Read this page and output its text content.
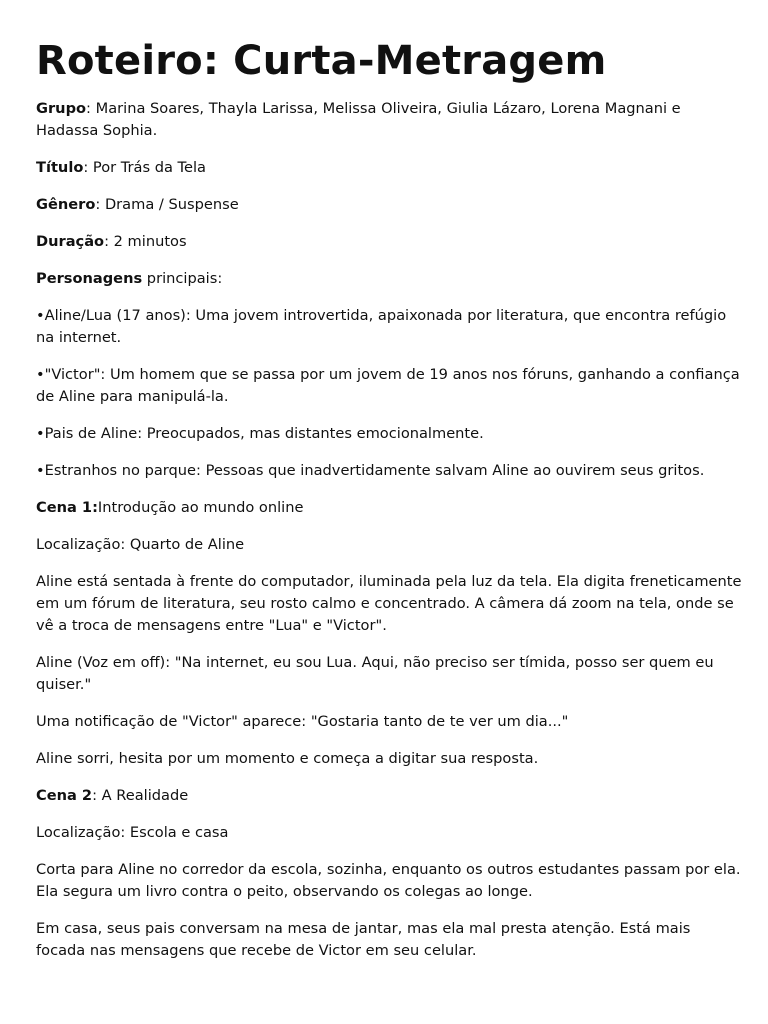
Roteiro: Curta-Metragem

Grupo: Marina Soares, Thayla Larissa, Melissa Oliveira, Giulia Lázaro, Lorena Magnani e Hadassa Sophia.

Título: Por Trás da Tela

Gênero: Drama / Suspense

Duração: 2 minutos

Personagens principais:

•Aline/Lua (17 anos): Uma jovem introvertida, apaixonada por literatura, que encontra refúgio na internet.

•"Victor": Um homem que se passa por um jovem de 19 anos nos fóruns, ganhando a confiança de Aline para manipulá-la.

•Pais de Aline: Preocupados, mas distantes emocionalmente.

•Estranhos no parque: Pessoas que inadvertidamente salvam Aline ao ouvirem seus gritos.

Cena 1:Introdução ao mundo online

Localização: Quarto de Aline

Aline está sentada à frente do computador, iluminada pela luz da tela. Ela digita freneticamente em um fórum de literatura, seu rosto calmo e concentrado. A câmera dá zoom na tela, onde se vê a troca de mensagens entre "Lua" e "Victor".

Aline (Voz em off): "Na internet, eu sou Lua. Aqui, não preciso ser tímida, posso ser quem eu quiser."

Uma notificação de "Victor" aparece: "Gostaria tanto de te ver um dia..."

Aline sorri, hesita por um momento e começa a digitar sua resposta.

Cena 2: A Realidade

Localização: Escola e casa

Corta para Aline no corredor da escola, sozinha, enquanto os outros estudantes passam por ela. Ela segura um livro contra o peito, observando os colegas ao longe.

Em casa, seus pais conversam na mesa de jantar, mas ela mal presta atenção. Está mais focada nas mensagens que recebe de Victor em seu celular.
